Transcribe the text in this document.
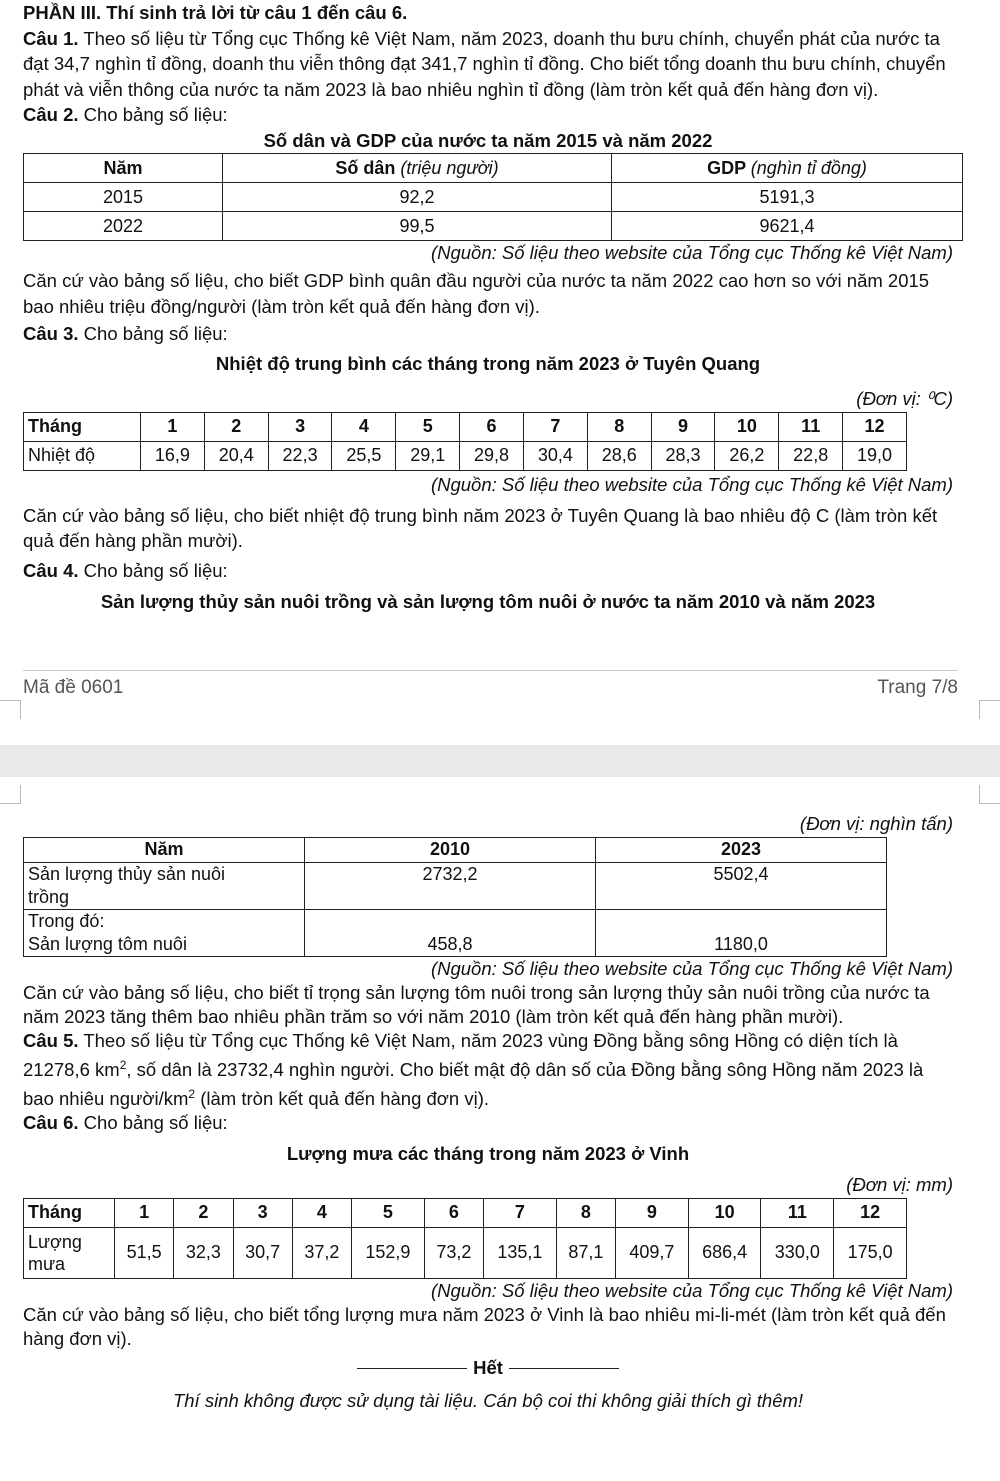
PHẦN III. Thí sinh trả lời từ câu 1 đến câu 6.

Câu 1. Theo số liệu từ Tổng cục Thống kê Việt Nam, năm 2023, doanh thu bưu chính, chuyển phát của nước ta đạt 34,7 nghìn tỉ đồng, doanh thu viễn thông đạt 341,7 nghìn tỉ đồng. Cho biết tổng doanh thu bưu chính, chuyển phát và viễn thông của nước ta năm 2023 là bao nhiêu nghìn tỉ đồng (làm tròn kết quả đến hàng đơn vị).

Câu 2. Cho bảng số liệu:

Số dân và GDP của nước ta năm 2015 và năm 2022

Năm	Số dân (triệu người)	GDP (nghìn tỉ đồng)
2015	92,2	5191,3
2022	99,5	9621,4

(Nguồn: Số liệu theo website của Tổng cục Thống kê Việt Nam)

Căn cứ vào bảng số liệu, cho biết GDP bình quân đầu người của nước ta năm 2022 cao hơn so với năm 2015 bao nhiêu triệu đồng/người (làm tròn kết quả đến hàng đơn vị).

Câu 3. Cho bảng số liệu:

Nhiệt độ trung bình các tháng trong năm 2023 ở Tuyên Quang

(Đơn vị: ⁰C)

Tháng	1	2	3	4	5	6	7	8	9	10	11	12
Nhiệt độ	16,9	20,4	22,3	25,5	29,1	29,8	30,4	28,6	28,3	26,2	22,8	19,0

(Nguồn: Số liệu theo website của Tổng cục Thống kê Việt Nam)

Căn cứ vào bảng số liệu, cho biết nhiệt độ trung bình năm 2023 ở Tuyên Quang là bao nhiêu độ C (làm tròn kết quả đến hàng phần mười).

Câu 4. Cho bảng số liệu:

Sản lượng thủy sản nuôi trồng và sản lượng tôm nuôi ở nước ta năm 2010 và năm 2023

Mã đề 0601	Trang 7/8

(Đơn vị: nghìn tấn)

Năm	2010	2023

Sản lượng thủy sản nuôi
trồng	2732,2	5502,4

Trong đó:
Sản lượng tôm nuôi	458,8	1180,0

(Nguồn: Số liệu theo website của Tổng cục Thống kê Việt Nam)

Căn cứ vào bảng số liệu, cho biết tỉ trọng sản lượng tôm nuôi trong sản lượng thủy sản nuôi trồng của nước ta năm 2023 tăng thêm bao nhiêu phần trăm so với năm 2010 (làm tròn kết quả đến hàng phần mười).

Câu 5. Theo số liệu từ Tổng cục Thống kê Việt Nam, năm 2023 vùng Đồng bằng sông Hồng có diện tích là 21278,6 $km^2$, số dân là 23732,4 nghìn người. Cho biết mật độ dân số của Đồng bằng sông Hồng năm 2023 là bao nhiêu người/$km^2$ (làm tròn kết quả đến hàng đơn vị).

Câu 6. Cho bảng số liệu:

Lượng mưa các tháng trong năm 2023 ở Vinh

(Đơn vị: mm)

Tháng	1	2	3	4	5	6	7	8	9	10	11	12

Lượng mưa	51,5	32,3	30,7	37,2	152,9	73,2	135,1	87,1	409,7	686,4	330,0	175,0

(Nguồn: Số liệu theo website của Tổng cục Thống kê Việt Nam)

Căn cứ vào bảng số liệu, cho biết tổng lượng mưa năm 2023 ở Vinh là bao nhiêu mi-li-mét (làm tròn kết quả đến hàng đơn vị).

Hết

Thí sinh không được sử dụng tài liệu. Cán bộ coi thi không giải thích gì thêm!
